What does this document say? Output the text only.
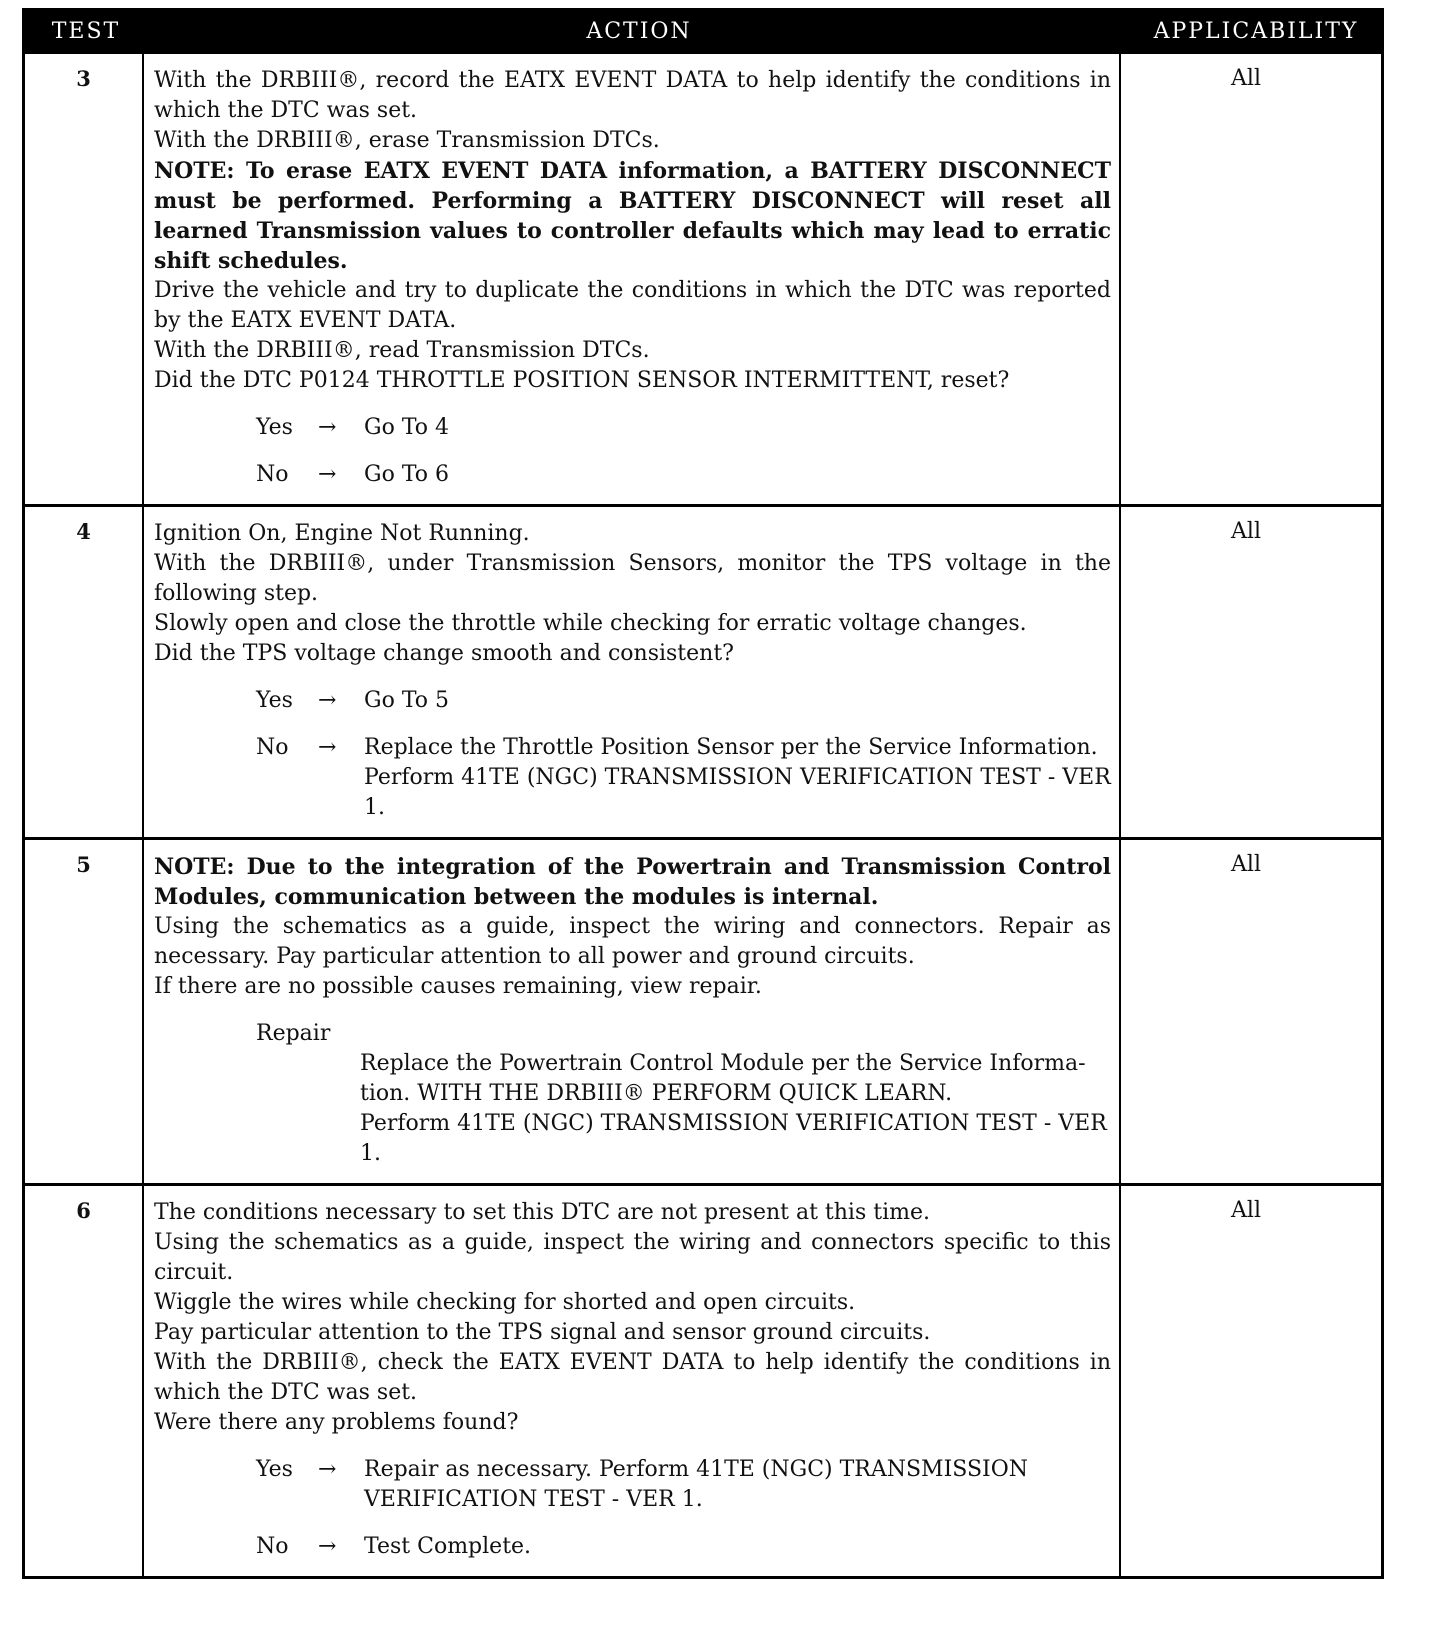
TEST	ACTION	APPLICABILITY
3	With the DRBIII®, record the EATX EVENT DATA to help identify the conditions in which the DTC was set.

With the DRBIII®, erase Transmission DTCs.

NOTE: To erase EATX EVENT DATA information, a BATTERY DISCONNECT must be performed. Performing a BATTERY DISCONNECT will reset all learned Transmission values to controller defaults which may lead to erratic shift schedules.

Drive the vehicle and try to duplicate the conditions in which the DTC was reported by the EATX EVENT DATA.

With the DRBIII®, read Transmission DTCs.

Did the DTC P0124 THROTTLE POSITION SENSOR INTERMITTENT, reset?

Yes	→	Go To 4
No	→	Go To 6
All
4	Ignition On, Engine Not Running.

With the DRBIII®, under Transmission Sensors, monitor the TPS voltage in the following step.

Slowly open and close the throttle while checking for erratic voltage changes.

Did the TPS voltage change smooth and consistent?

Yes	→	Go To 5
No	→	Replace the Throttle Position Sensor per the Service Information. Perform 41TE (NGC) TRANSMISSION VERIFICATION TEST - VER 1.
All
5	NOTE: Due to the integration of the Powertrain and Transmission Control Modules, communication between the modules is internal.

Using the schematics as a guide, inspect the wiring and connectors. Repair as necessary. Pay particular attention to all power and ground circuits.

If there are no possible causes remaining, view repair.

Repair
Replace the Powertrain Control Module per the Service Informa-tion. WITH THE DRBIII® PERFORM QUICK LEARN.
Perform 41TE (NGC) TRANSMISSION VERIFICATION TEST - VER 1.
All
6	The conditions necessary to set this DTC are not present at this time.

Using the schematics as a guide, inspect the wiring and connectors specific to this circuit.

Wiggle the wires while checking for shorted and open circuits.

Pay particular attention to the TPS signal and sensor ground circuits.

With the DRBIII®, check the EATX EVENT DATA to help identify the conditions in which the DTC was set.

Were there any problems found?

Yes	→	Repair as necessary. Perform 41TE (NGC) TRANSMISSION VERIFICATION TEST - VER 1.
No	→	Test Complete.
All
